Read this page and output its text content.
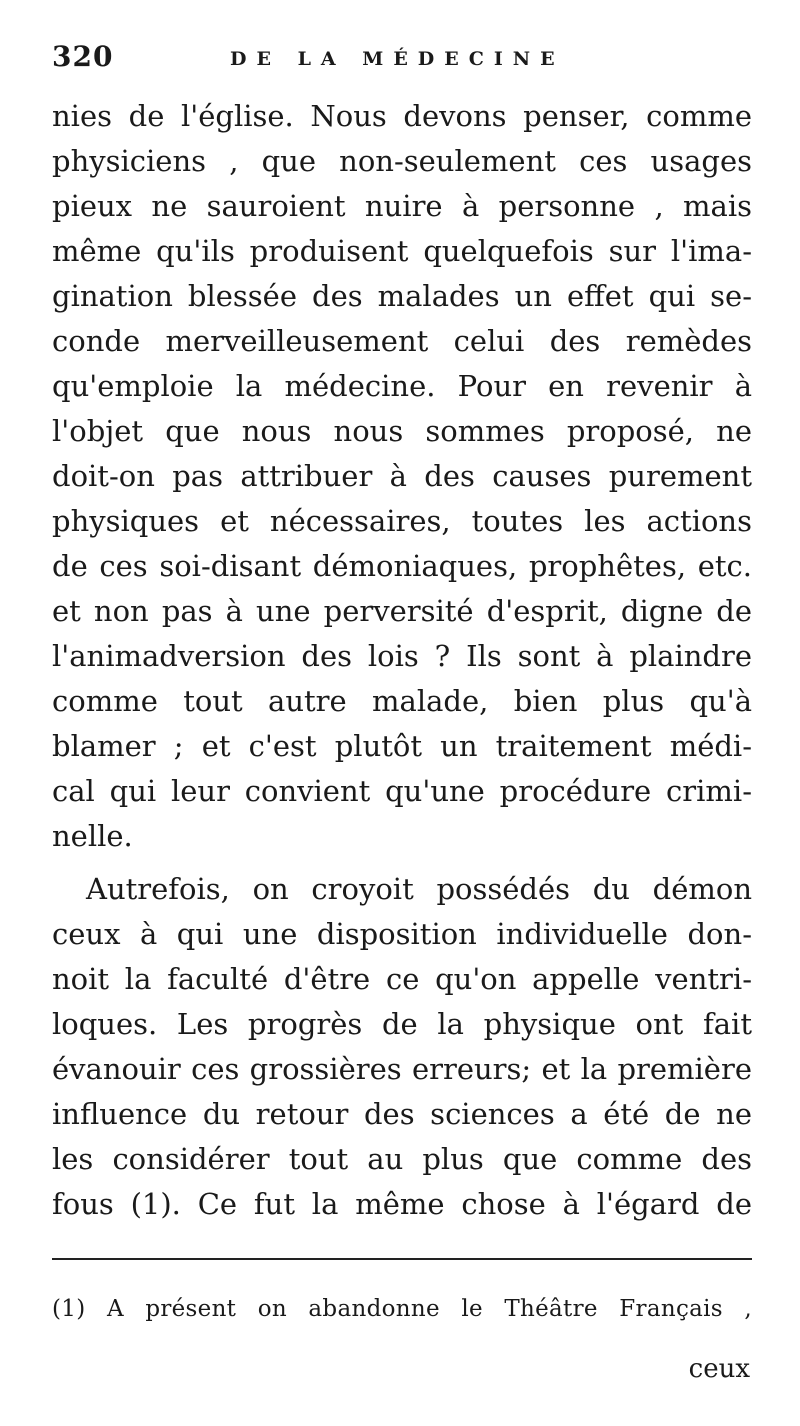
320	DE LA MÉDECINE
nies de l'église. Nous devons penser, comme
physiciens , que non-seulement ces usages
pieux ne sauroient nuire à personne , mais
même qu'ils produisent quelquefois sur l'ima-
gination blessée des malades un effet qui se-
conde merveilleusement celui des remèdes
qu'emploie la médecine. Pour en revenir à
l'objet que nous nous sommes proposé, ne
doit-on pas attribuer à des causes purement
physiques et nécessaires, toutes les actions
de ces soi-disant démoniaques, prophêtes, etc.
et non pas à une perversité d'esprit, digne de
l'animadversion des lois ? Ils sont à plaindre
comme tout autre malade, bien plus qu'à
blamer ; et c'est plutôt un traitement médi-
cal qui leur convient qu'une procédure crimi-
nelle.
Autrefois, on croyoit possédés du démon
ceux à qui une disposition individuelle don-
noit la faculté d'être ce qu'on appelle ventri-
loques. Les progrès de la physique ont fait
évanouir ces grossières erreurs; et la première
influence du retour des sciences a été de ne
les considérer tout au plus que comme des
fous (1). Ce fut la même chose à l'égard de
(1) A présent on abandonne le Théâtre Français ,
ceux
